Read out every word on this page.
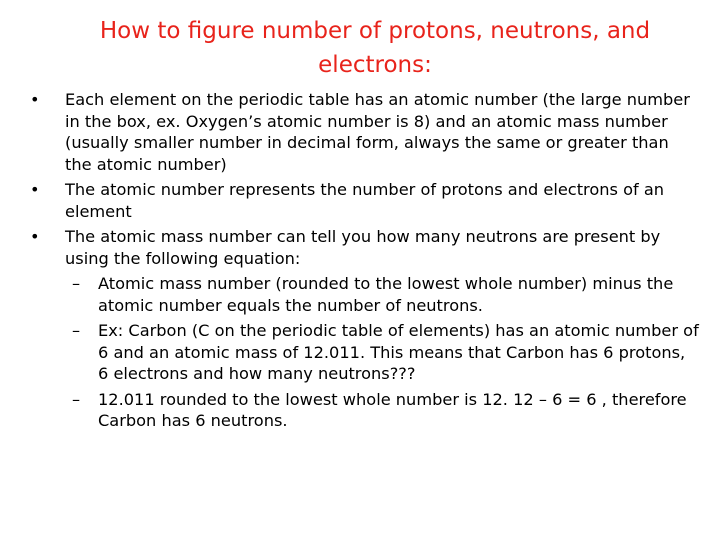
How to figure number of protons, neutrons, and electrons:
•	Each element on the periodic table has an atomic number (the large number in the box, ex. Oxygen’s atomic number is 8) and an atomic mass number (usually smaller number in decimal form, always the same or greater than the atomic number)
•	The atomic number represents the number of protons and electrons of an element
•	The atomic mass number can tell you how many neutrons are present by using the following equation:
–	Atomic mass number (rounded to the lowest whole number) minus the atomic number equals the number of neutrons.
–	Ex: Carbon (C on the periodic table of elements) has an atomic number of 6 and an atomic mass of 12.011. This means that Carbon has 6 protons, 6 electrons and how many neutrons???
–	12.011 rounded to the lowest whole number is 12. 12 – 6 = 6 , therefore Carbon has 6 neutrons.
